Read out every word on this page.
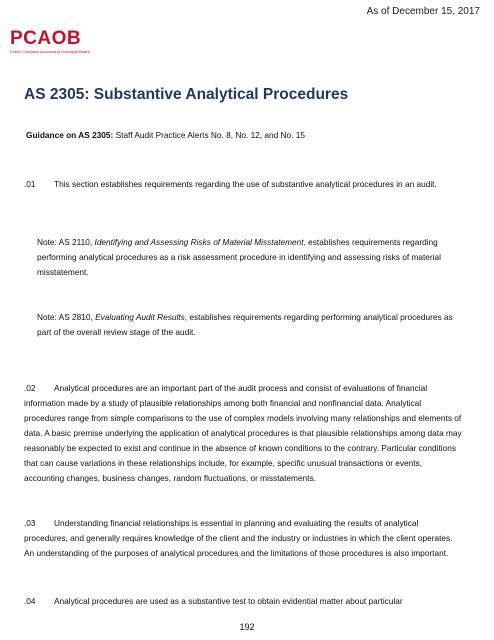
As of December 15, 2017
PCAOB
Public Company Accounting Oversight Board
AS 2305: Substantive Analytical Procedures
Guidance on AS 2305: Staff Audit Practice Alerts No. 8, No. 12, and No. 15

.01 This section establishes requirements regarding the use of substantive analytical procedures in an audit.

Note: AS 2110, Identifying and Assessing Risks of Material Misstatement, establishes requirements regarding performing analytical procedures as a risk assessment procedure in identifying and assessing risks of material misstatement.

Note: AS 2810, Evaluating Audit Results, establishes requirements regarding performing analytical procedures as part of the overall review stage of the audit.

.02 Analytical procedures are an important part of the audit process and consist of evaluations of financial information made by a study of plausible relationships among both financial and nonfinancial data. Analytical procedures range from simple comparisons to the use of complex models involving many relationships and elements of data. A basic premise underlying the application of analytical procedures is that plausible relationships among data may reasonably be expected to exist and continue in the absence of known conditions to the contrary. Particular conditions that can cause variations in these relationships include, for example, specific unusual transactions or events, accounting changes, business changes, random fluctuations, or misstatements.

.03 Understanding financial relationships is essential in planning and evaluating the results of analytical procedures, and generally requires knowledge of the client and the industry or industries in which the client operates. An understanding of the purposes of analytical procedures and the limitations of those procedures is also important.

.04 Analytical procedures are used as a substantive test to obtain evidential matter about particular

192
